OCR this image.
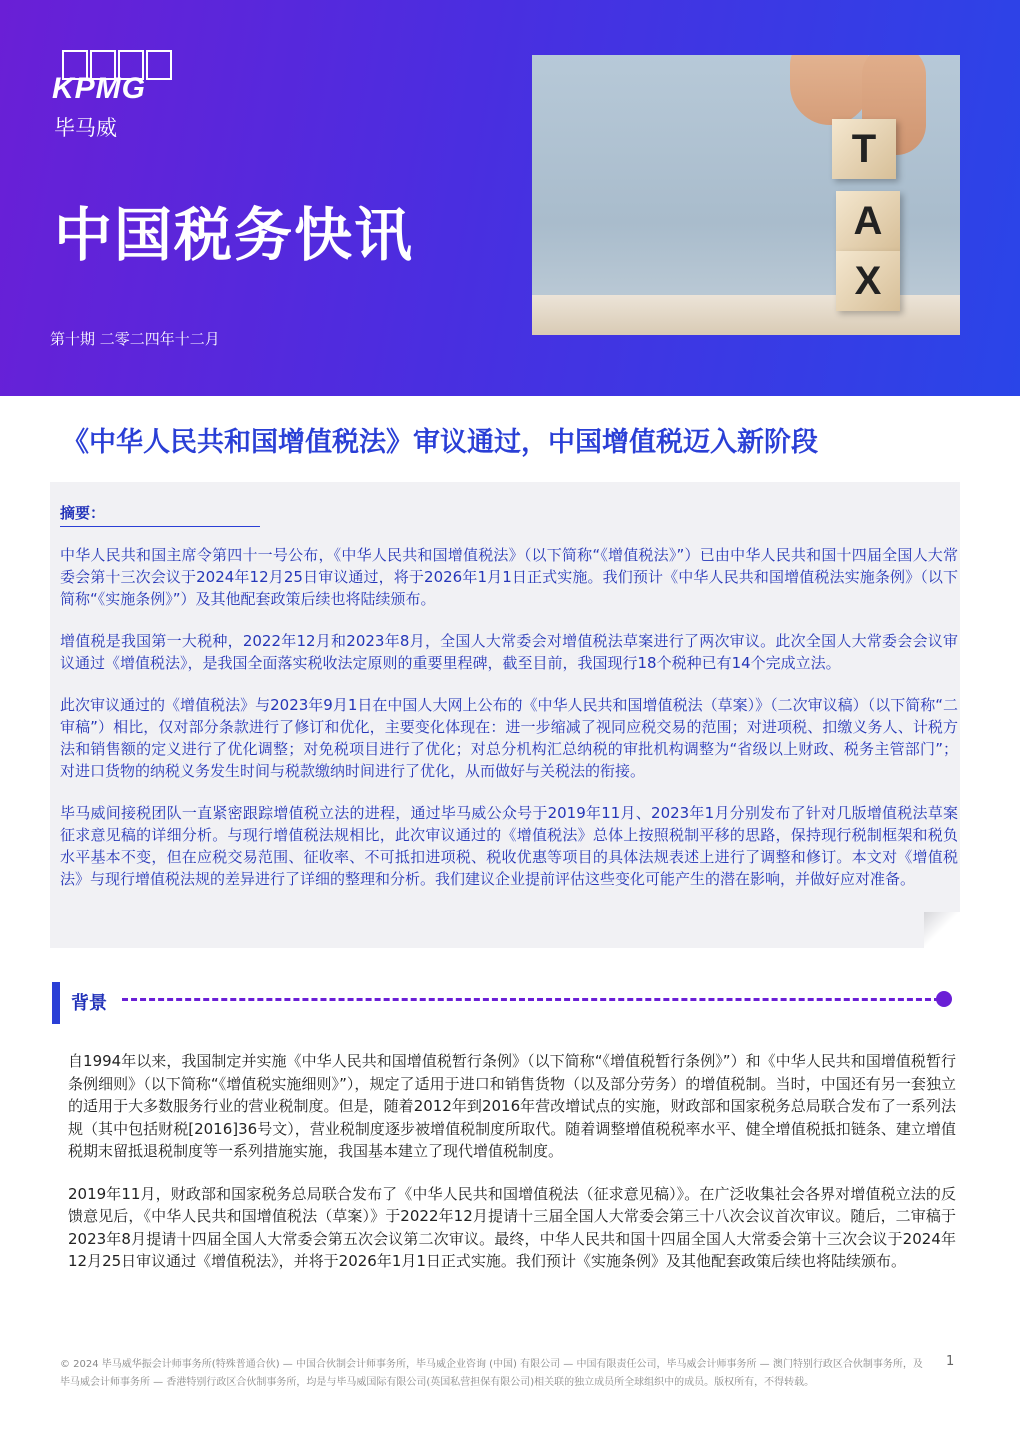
KPMG
毕马威
中国税务快讯
第十期 二零二四年十二月
T
A
X
《中华人民共和国增值税法》审议通过，中国增值税迈入新阶段
摘要：

中华人民共和国主席令第四十一号公布，《中华人民共和国增值税法》（以下简称“《增值税法》”）已由中华人民共和国十四届全国人大常委会第十三次会议于2024年12月25日审议通过，将于2026年1月1日正式实施。我们预计《中华人民共和国增值税法实施条例》（以下简称“《实施条例》”）及其他配套政策后续也将陆续颁布。

增值税是我国第一大税种，2022年12月和2023年8月，全国人大常委会对增值税法草案进行了两次审议。此次全国人大常委会会议审议通过《增值税法》，是我国全面落实税收法定原则的重要里程碑，截至目前，我国现行18个税种已有14个完成立法。

此次审议通过的《增值税法》与2023年9月1日在中国人大网上公布的《中华人民共和国增值税法（草案）》（二次审议稿）（以下简称“二审稿”）相比，仅对部分条款进行了修订和优化，主要变化体现在：进一步缩减了视同应税交易的范围；对进项税、扣缴义务人、计税方法和销售额的定义进行了优化调整；对免税项目进行了优化；对总分机构汇总纳税的审批机构调整为“省级以上财政、税务主管部门”；对进口货物的纳税义务发生时间与税款缴纳时间进行了优化，从而做好与关税法的衔接。

毕马威间接税团队一直紧密跟踪增值税立法的进程，通过毕马威公众号于2019年11月、2023年1月分别发布了针对几版增值税法草案征求意见稿的详细分析。与现行增值税法规相比，此次审议通过的《增值税法》总体上按照税制平移的思路，保持现行税制框架和税负水平基本不变，但在应税交易范围、征收率、不可抵扣进项税、税收优惠等项目的具体法规表述上进行了调整和修订。本文对《增值税法》与现行增值税法规的差异进行了详细的整理和分析。我们建议企业提前评估这些变化可能产生的潜在影响，并做好应对准备。

背景

自1994年以来，我国制定并实施《中华人民共和国增值税暂行条例》（以下简称“《增值税暂行条例》”）和《中华人民共和国增值税暂行条例细则》（以下简称“《增值税实施细则》”），规定了适用于进口和销售货物（以及部分劳务）的增值税制。当时，中国还有另一套独立的适用于大多数服务行业的营业税制度。但是，随着2012年到2016年营改增试点的实施，财政部和国家税务总局联合发布了一系列法规（其中包括财税[2016]36号文），营业税制度逐步被增值税制度所取代。随着调整增值税税率水平、健全增值税抵扣链条、建立增值税期末留抵退税制度等一系列措施实施，我国基本建立了现代增值税制度。

2019年11月，财政部和国家税务总局联合发布了《中华人民共和国增值税法（征求意见稿）》。在广泛收集社会各界对增值税立法的反馈意见后，《中华人民共和国增值税法（草案）》于2022年12月提请十三届全国人大常委会第三十八次会议首次审议。随后，二审稿于2023年8月提请十四届全国人大常委会第五次会议第二次审议。最终，中华人民共和国十四届全国人大常委会第十三次会议于2024年12月25日审议通过《增值税法》，并将于2026年1月1日正式实施。我们预计《实施条例》及其他配套政策后续也将陆续颁布。

© 2024 毕马威华振会计师事务所(特殊普通合伙) — 中国合伙制会计师事务所，毕马威企业咨询 (中国) 有限公司 — 中国有限责任公司，毕马威会计师事务所 — 澳门特别行政区合伙制事务所，及
毕马威会计师事务所 — 香港特别行政区合伙制事务所，均是与毕马威国际有限公司(英国私营担保有限公司)相关联的独立成员所全球组织中的成员。版权所有，不得转载。
1
